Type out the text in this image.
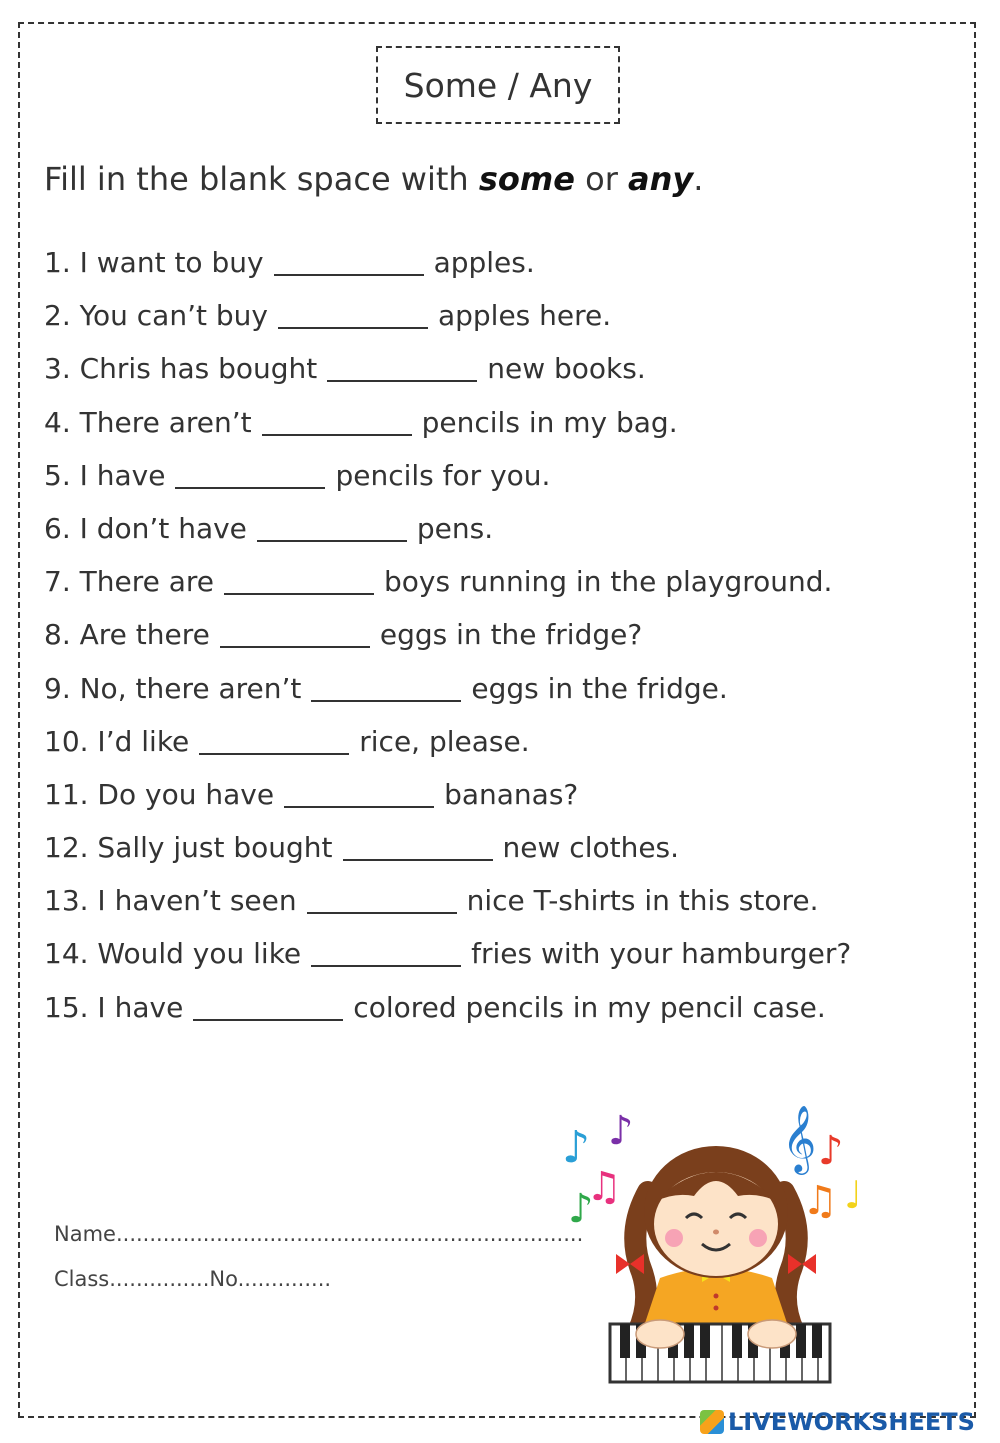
Some / Any
Fill in the blank space with some or any.
1. I want to buy	apples.
2. You can’t buy	apples here.
3. Chris has bought	new books.
4. There aren’t	pencils in my bag.
5. I have	pencils for you.
6. I don’t have	pens.
7. There are	boys running in the playground.
8. Are there	eggs in the fridge?
9. No, there aren’t	eggs in the fridge.
10. I’d like	rice, please.
11. Do you have	bananas?
12. Sally just bought	new clothes.
13. I haven’t seen	nice T-shirts in this store.
14. Would you like	fries with your hamburger?
15. I have	colored pencils in my pencil case.
Name......................................................................
Class...............No..............
♪ ♪
♫
♪
𝄞 ♪
♫ ♩
LIVEWORKSHEETS
